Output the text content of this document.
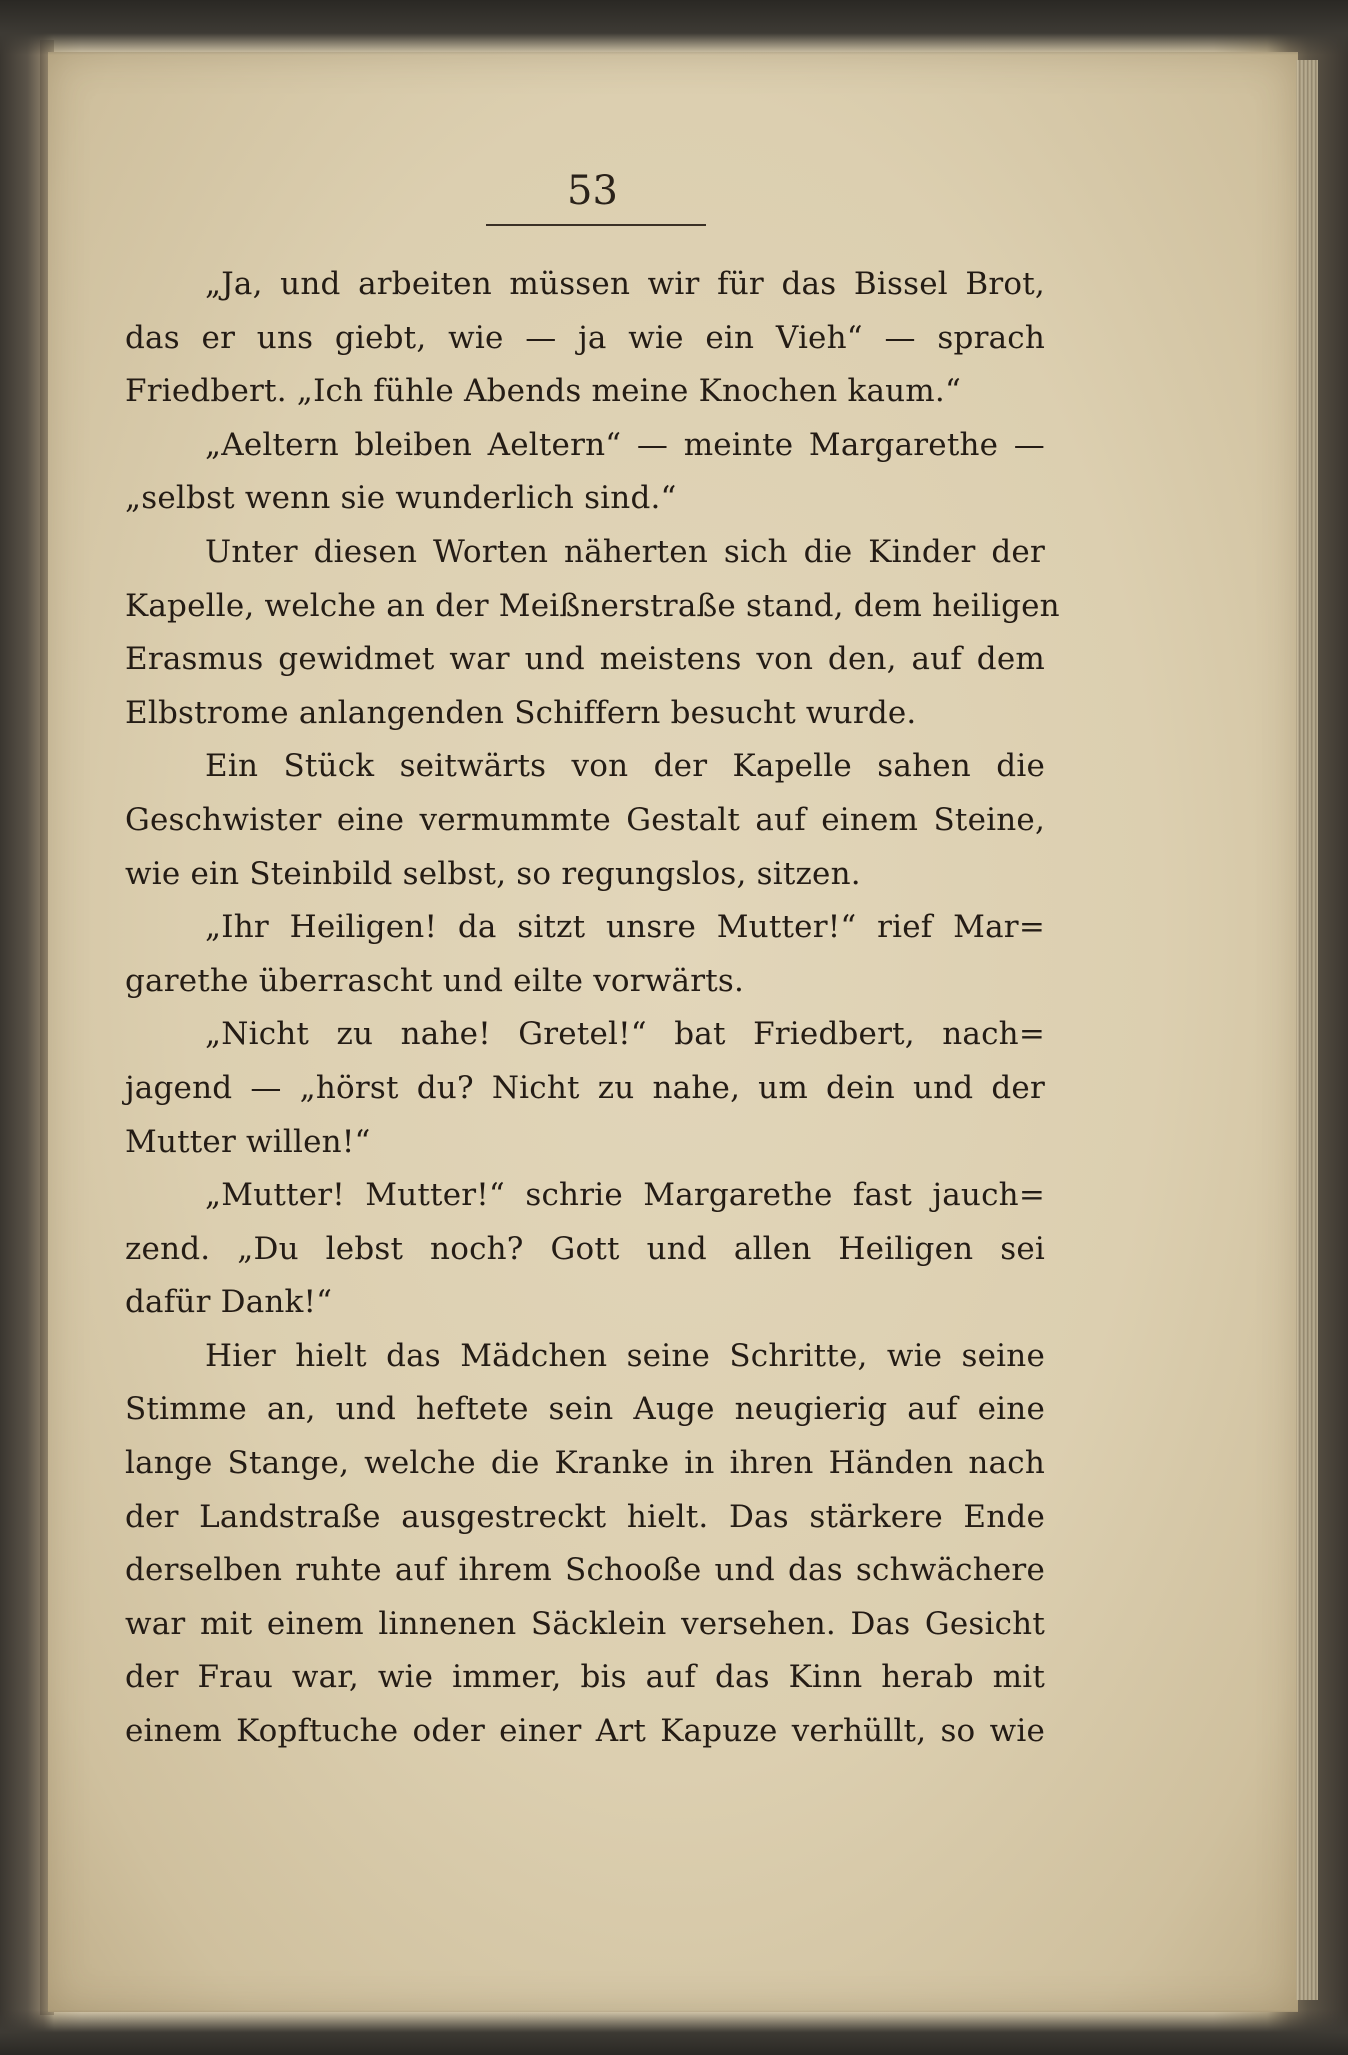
53
„Ja, und arbeiten müssen wir für das Bissel Brot,
das er uns giebt, wie — ja wie ein Vieh“ — sprach
Friedbert. „Ich fühle Abends meine Knochen kaum.“
„Aeltern bleiben Aeltern“ — meinte Margarethe —
„selbst wenn sie wunderlich sind.“
Unter diesen Worten näherten sich die Kinder der
Kapelle, welche an der Meißnerstraße stand, dem heiligen
Erasmus gewidmet war und meistens von den, auf dem
Elbstrome anlangenden Schiffern besucht wurde.
Ein Stück seitwärts von der Kapelle sahen die
Geschwister eine vermummte Gestalt auf einem Steine,
wie ein Steinbild selbst, so regungslos, sitzen.
„Ihr Heiligen! da sitzt unsre Mutter!“ rief Mar=
garethe überrascht und eilte vorwärts.
„Nicht zu nahe! Gretel!“ bat Friedbert, nach=
jagend — „hörst du? Nicht zu nahe, um dein und der
Mutter willen!“
„Mutter! Mutter!“ schrie Margarethe fast jauch=
zend. „Du lebst noch? Gott und allen Heiligen sei
dafür Dank!“
Hier hielt das Mädchen seine Schritte, wie seine
Stimme an, und heftete sein Auge neugierig auf eine
lange Stange, welche die Kranke in ihren Händen nach
der Landstraße ausgestreckt hielt. Das stärkere Ende
derselben ruhte auf ihrem Schooße und das schwächere
war mit einem linnenen Säcklein versehen. Das Gesicht
der Frau war, wie immer, bis auf das Kinn herab mit
einem Kopftuche oder einer Art Kapuze verhüllt, so wie
